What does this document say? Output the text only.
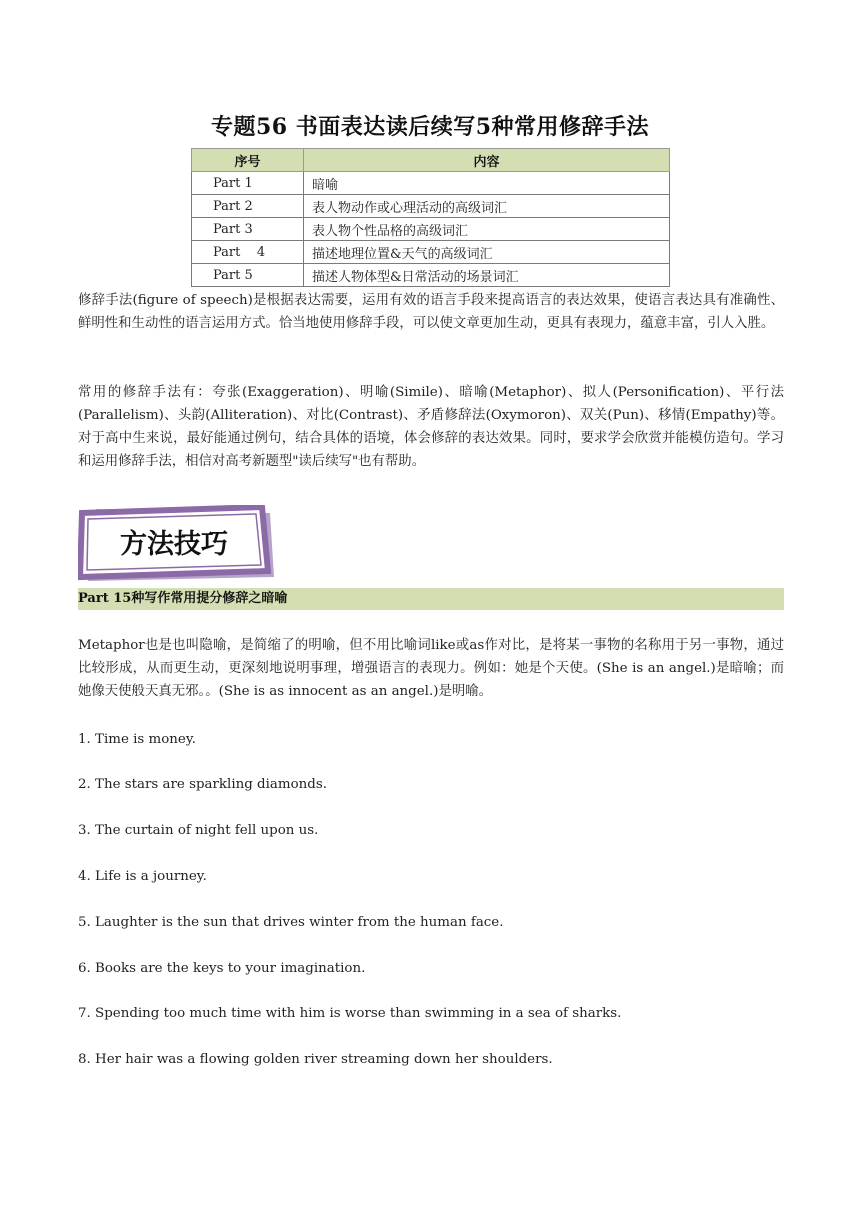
专题56 书面表达读后续写5种常用修辞手法
序号	内容
Part 1	暗喻
Part 2	表人物动作或心理活动的高级词汇
Part 3	表人物个性品格的高级词汇
Part    4	描述地理位置&天气的高级词汇
Part 5	描述人物体型&日常活动的场景词汇
修辞手法(figure of speech)是根据表达需要，运用有效的语言手段来提高语言的表达效果，使语言表达具有准确性、鲜明性和生动性的语言运用方式。恰当地使用修辞手段，可以使文章更加生动，更具有表现力，蕴意丰富，引人入胜。
常用的修辞手法有：夸张(Exaggeration)、明喻(Simile)、暗喻(Metaphor)、拟人(Personification)、平行法(Parallelism)、头韵(Alliteration)、对比(Contrast)、矛盾修辞法(Oxymoron)、双关(Pun)、移情(Empathy)等。对于高中生来说，最好能通过例句，结合具体的语境，体会修辞的表达效果。同时，要求学会欣赏并能模仿造句。学习和运用修辞手法，相信对高考新题型"读后续写"也有帮助。
方法技巧
Part 15种写作常用提分修辞之暗喻
Metaphor也是也叫隐喻，是简缩了的明喻，但不用比喻词like或as作对比，是将某一事物的名称用于另一事物，通过比较形成，从而更生动，更深刻地说明事理，增强语言的表现力。例如：她是个天使。(She is an angel.)是暗喻；而她像天使般天真无邪。。(She is as innocent as an angel.)是明喻。
1. Time is money.
2. The stars are sparkling diamonds.
3. The curtain of night fell upon us.
4. Life is a journey.
5. Laughter is the sun that drives winter from the human face.
6. Books are the keys to your imagination.
7. Spending too much time with him is worse than swimming in a sea of sharks.
8. Her hair was a flowing golden river streaming down her shoulders.
